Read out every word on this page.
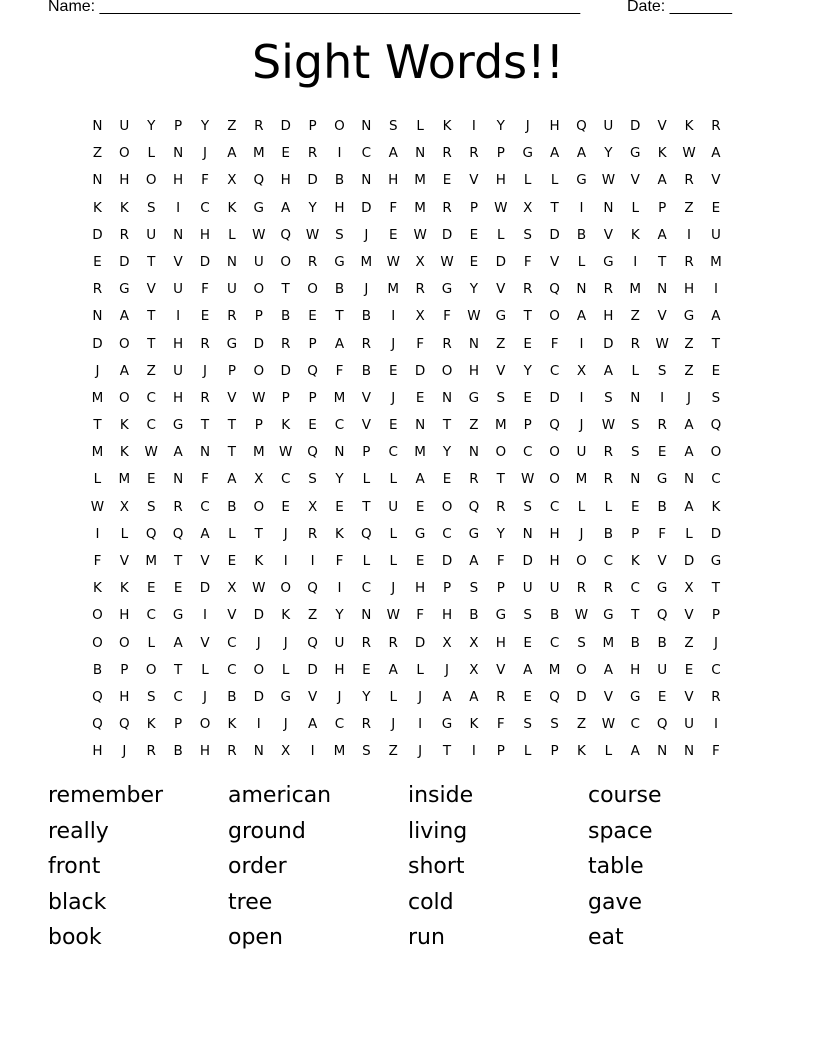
Name: ______________________________________________________	Date: _______
Sight Words!!
N	U	Y	P	Y	Z	R	D	P	O	N	S	L	K	I	Y	J	H	Q	U	D	V	K	R
Z	O	L	N	J	A	M	E	R	I	C	A	N	R	R	P	G	A	A	Y	G	K	W	A
N	H	O	H	F	X	Q	H	D	B	N	H	M	E	V	H	L	L	G	W	V	A	R	V
K	K	S	I	C	K	G	A	Y	H	D	F	M	R	P	W	X	T	I	N	L	P	Z	E
D	R	U	N	H	L	W	Q	W	S	J	E	W	D	E	L	S	D	B	V	K	A	I	U
E	D	T	V	D	N	U	O	R	G	M	W	X	W	E	D	F	V	L	G	I	T	R	M
R	G	V	U	F	U	O	T	O	B	J	M	R	G	Y	V	R	Q	N	R	M	N	H	I
N	A	T	I	E	R	P	B	E	T	B	I	X	F	W	G	T	O	A	H	Z	V	G	A
D	O	T	H	R	G	D	R	P	A	R	J	F	R	N	Z	E	F	I	D	R	W	Z	T
J	A	Z	U	J	P	O	D	Q	F	B	E	D	O	H	V	Y	C	X	A	L	S	Z	E
M	O	C	H	R	V	W	P	P	M	V	J	E	N	G	S	E	D	I	S	N	I	J	S
T	K	C	G	T	T	P	K	E	C	V	E	N	T	Z	M	P	Q	J	W	S	R	A	Q
M	K	W	A	N	T	M	W	Q	N	P	C	M	Y	N	O	C	O	U	R	S	E	A	O
L	M	E	N	F	A	X	C	S	Y	L	L	A	E	R	T	W	O	M	R	N	G	N	C
W	X	S	R	C	B	O	E	X	E	T	U	E	O	Q	R	S	C	L	L	E	B	A	K
I	L	Q	Q	A	L	T	J	R	K	Q	L	G	C	G	Y	N	H	J	B	P	F	L	D
F	V	M	T	V	E	K	I	I	F	L	L	E	D	A	F	D	H	O	C	K	V	D	G
K	K	E	E	D	X	W	O	Q	I	C	J	H	P	S	P	U	U	R	R	C	G	X	T
O	H	C	G	I	V	D	K	Z	Y	N	W	F	H	B	G	S	B	W	G	T	Q	V	P
O	O	L	A	V	C	J	J	Q	U	R	R	D	X	X	H	E	C	S	M	B	B	Z	J
B	P	O	T	L	C	O	L	D	H	E	A	L	J	X	V	A	M	O	A	H	U	E	C
Q	H	S	C	J	B	D	G	V	J	Y	L	J	A	A	R	E	Q	D	V	G	E	V	R
Q	Q	K	P	O	K	I	J	A	C	R	J	I	G	K	F	S	S	Z	W	C	Q	U	I
H	J	R	B	H	R	N	X	I	M	S	Z	J	T	I	P	L	P	K	L	A	N	N	F
remember	american	inside	course
really	ground	living	space
front	order	short	table
black	tree	cold	gave
book	open	run	eat
